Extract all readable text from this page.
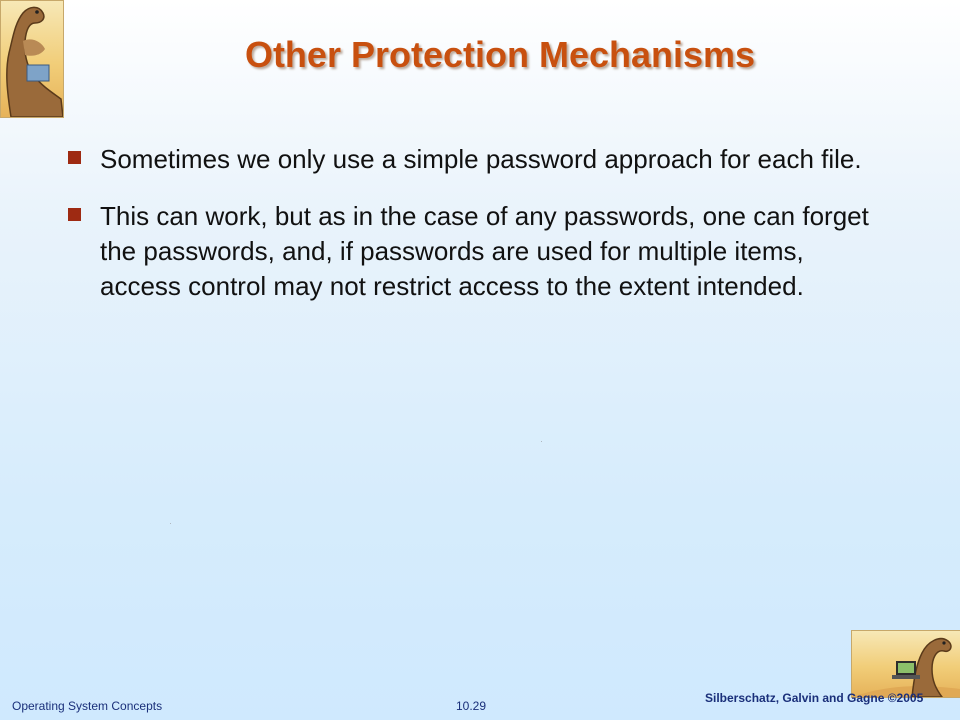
Other Protection Mechanisms
Sometimes we only use a simple password approach for each file.
This can work, but as in the case of any passwords, one can forget the passwords, and, if passwords are used for multiple items, access control may not restrict access to the extent intended.
Operating System Concepts	10.29
Silberschatz, Galvin and Gagne ©2005
